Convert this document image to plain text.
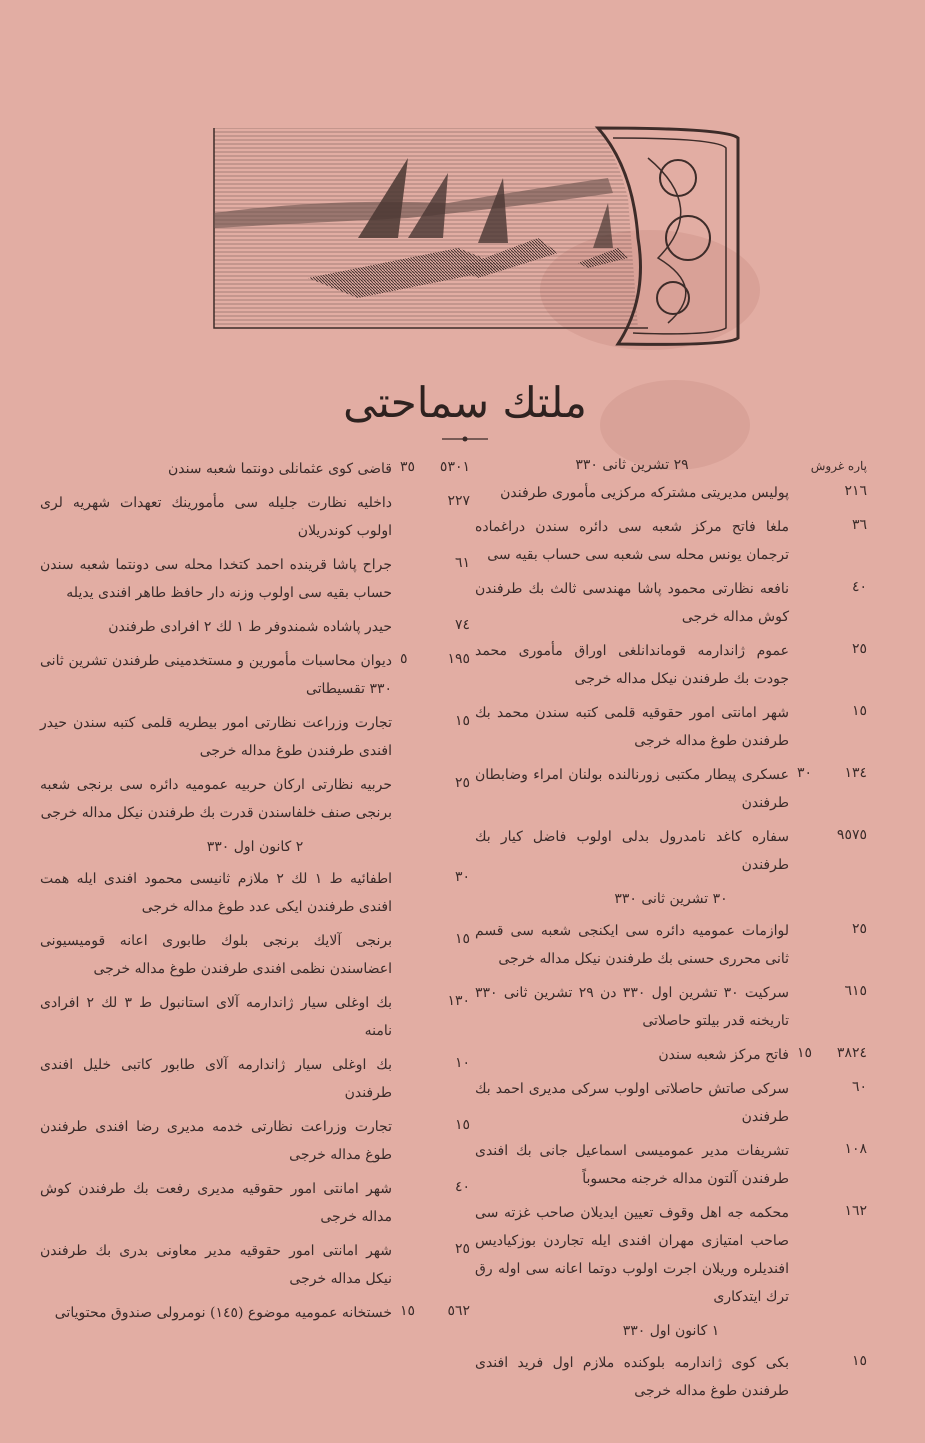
ملتك سماحتی
پاره غروش
۲۹ تشرین ثانی ۳۳۰
۲۱٦
پولیس مدیریتی مشترکه مرکزیی مأموری طرفندن
۳٦
ملغا فاتح مرکز شعبه سی دائره سندن دراغماده ترجمان یونس محله سی شعبه سی حساب بقیه سی
٤٠
نافعه نظارتی محمود پاشا مهندسی ثالث بك طرفندن کوش مداله خرجی
۲٥
عموم ژاندارمه قوماندانلغی اوراق مأموری محمد جودت بك طرفندن نیکل مداله خرجی
۱٥
شهر امانتی امور حقوقیه قلمی کتبه سندن محمد بك طرفندن طوغ مداله خرجی
۱۳٤
۳۰
عسکری پیطار مکتبی زورنالنده بولنان امراء وضابطان طرفندن
۹٥۷٥
سفاره کاغد نامدرول بدلی اولوب فاضل کیار بك طرفندن
۳۰ تشرین ثانی ۳۳۰
۲٥
لوازمات عمومیه دائره سی ایکنجی شعبه سی قسم ثانی محرری حسنی بك طرفندن نیکل مداله خرجی
٦۱٥
سرکیت ۳۰ تشرین اول ۳۳۰ دن ۲۹ تشرین ثانی ۳۳۰ تاریخنه قدر بیلتو حاصلاتی
۳۸۲٤
۱٥
فاتح مرکز شعبه سندن
٦۰
سرکی صاتش حاصلاتی اولوب سرکی مدیری احمد بك طرفندن
۱۰۸
تشریفات مدیر عمومیسی اسماعیل جانی بك افندی طرفندن آلتون مداله خرجنه محسوباً
۱٦۲
محکمه جه اهل وقوف تعیین ایدیلان صاحب غزته سی صاحب امتیازی مهران افندی ایله تجاردن بوزکیادیس افندیلره وریلان اجرت اولوب دوتما اعانه سی اوله رق ترك ایتدکاری
۱ کانون اول ۳۳۰
۱٥
بکی کوی ژاندارمه بلوکنده ملازم اول فرید افندی طرفندن طوغ مداله خرجی
٥۳۰۱
۳٥
قاضی کوی عثمانلی دونتما شعبه سندن
۲۲۷
داخلیه نظارت جلیله سی مأمورینك تعهدات شهریه لری اولوب کوندریلان
٦۱
جراح پاشا قرینده احمد کتخدا محله سی دونتما شعبه سندن حساب بقیه سی اولوب وزنه دار حافظ طاهر افندی یدیله
۷٤
حیدر پاشاده شمندوفر ط ۱ لك ۲ افرادی طرفندن
۱۹٥
٥
دیوان محاسبات مأمورین و مستخدمینی طرفندن تشرین ثانی ۳۳۰ تقسیطاتی
۱٥
تجارت وزراعت نظارتی امور بیطریه قلمی کتبه سندن حیدر افندی طرفندن طوغ مداله خرجی
۲٥
حربیه نظارتی ارکان حربیه عمومیه دائره سی برنجی شعبه برنجی صنف خلفاسندن قدرت بك طرفندن نیکل مداله خرجی
۲ کانون اول ۳۳۰
۳۰
اطفائیه ط ۱ لك ۲ ملازم ثانیسی محمود افندی ایله همت افندی طرفندن ایکی عدد طوغ مداله خرجی
۱٥
برنجی آلایك برنجی بلوك طابوری اعانه قومیسیونی اعضاسندن نظمی افندی طرفندن طوغ مداله خرجی
۱۳۰
بك اوغلی سیار ژاندارمه آلای استانبول ط ۳ لك ۲ افرادی نامنه
۱۰
بك اوغلی سیار ژاندارمه آلای طابور کاتبی خلیل افندی طرفندن
۱٥
تجارت وزراعت نظارتی خدمه مدیری رضا افندی طرفندن طوغ مداله خرجی
٤۰
شهر امانتی امور حقوقیه مدیری رفعت بك طرفندن کوش مداله خرجی
۲٥
شهر امانتی امور حقوقیه مدیر معاونی بدری بك طرفندن نیکل مداله خرجی
٥٦۲
۱٥
خستخانه عمومیه موضوع (۱٤٥) نومرولی صندوق محتویاتی
